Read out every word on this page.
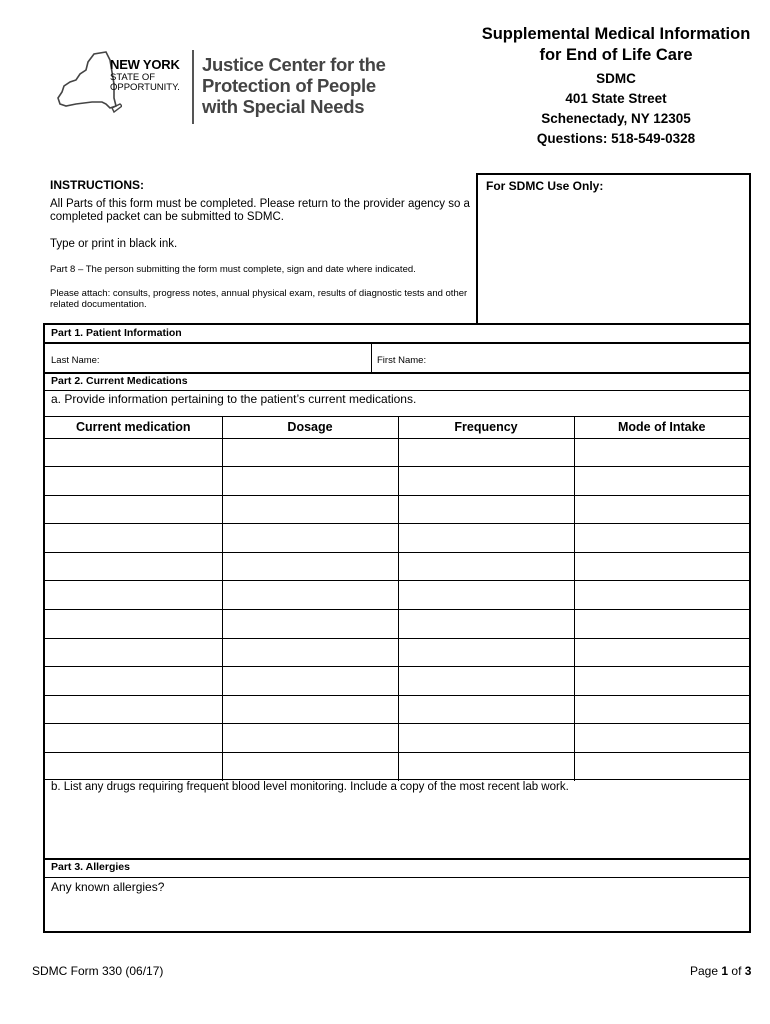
NEW YORK
STATE OF
OPPORTUNITY.
Justice Center for the
Protection of People
with Special Needs
Supplemental Medical Information
for End of Life Care
SDMC
401 State Street
Schenectady, NY 12305
Questions: 518-549-0328
INSTRUCTIONS:
All Parts of this form must be completed. Please return to the provider agency so a completed packet can be submitted to SDMC.
Type or print in black ink.
Part 8 – The person submitting the form must complete, sign and date where indicated.
Please attach: consults, progress notes, annual physical exam, results of diagnostic tests and other related documentation.
For SDMC Use Only:
Part 1. Patient Information
Last Name:	First Name:
Part 2. Current Medications
a. Provide information pertaining to the patient’s current medications.
Current medication	Dosage	Frequency	Mode of Intake

b. List any drugs requiring frequent blood level monitoring. Include a copy of the most recent lab work.
Part 3. Allergies
Any known allergies?
SDMC Form 330 (06/17)	Page 1 of 3
